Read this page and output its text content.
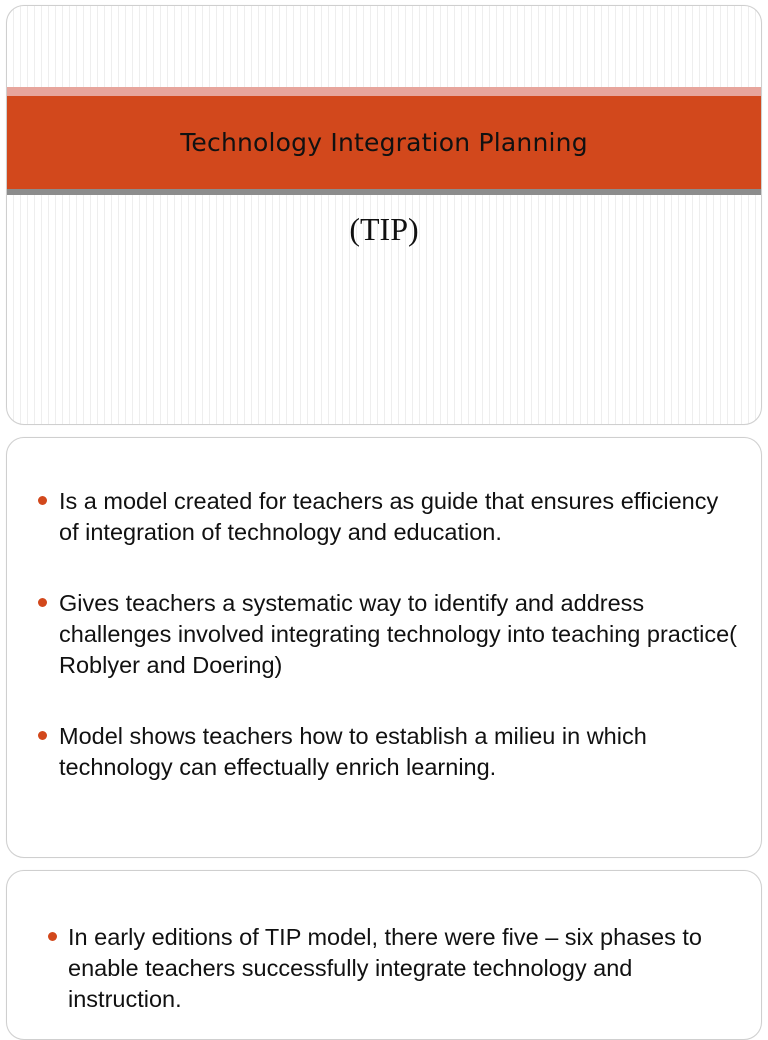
Technology Integration Planning
(TIP)
Is a model created for teachers as guide that ensures efficiency of integration of technology and education.
Gives teachers a systematic way to identify and address challenges involved integrating technology into teaching practice( Roblyer and Doering)
Model shows teachers how to establish a milieu in which technology can effectually enrich learning.
In early editions of TIP model, there were five – six phases to enable teachers successfully integrate technology and instruction.
